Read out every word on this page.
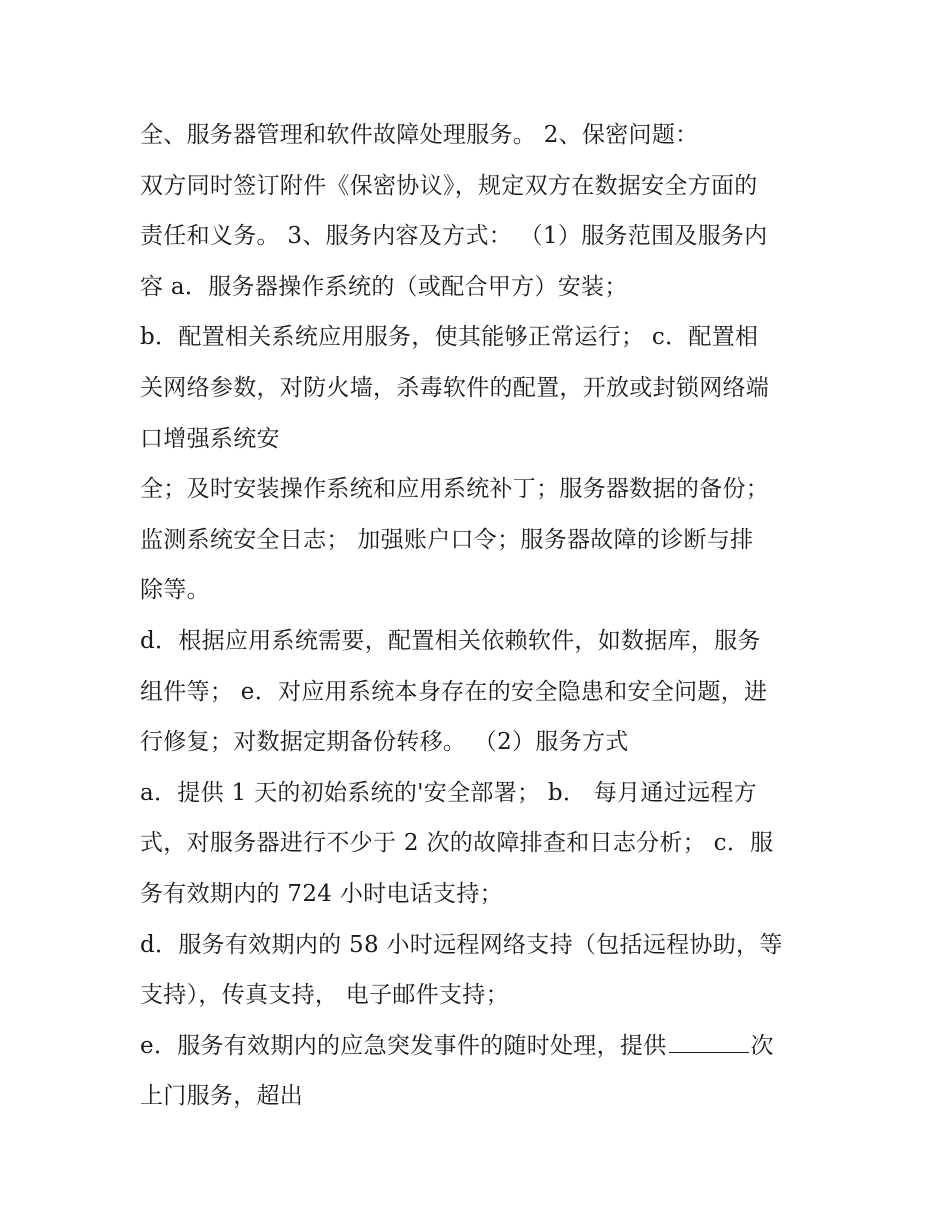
全、服务器管理和软件故障处理服务。 2、保密问题：
双方同时签订附件《保密协议》，规定双方在数据安全方面的
责任和义务。 3、服务内容及方式： （1）服务范围及服务内
容 a．服务器操作系统的（或配合甲方）安装；
b．配置相关系统应用服务，使其能够正常运行； c．配置相
关网络参数，对防火墙，杀毒软件的配置，开放或封锁网络端
口增强系统安
全；及时安装操作系统和应用系统补丁；服务器数据的备份；
监测系统安全日志； 加强账户口令；服务器故障的诊断与排
除等。
d．根据应用系统需要，配置相关依赖软件，如数据库，服务
组件等； e．对应用系统本身存在的安全隐患和安全问题，进
行修复；对数据定期备份转移。 （2）服务方式
a．提供 1 天的初始系统的'安全部署； b． 每月通过远程方
式，对服务器进行不少于 2 次的故障排查和日志分析； c．服
务有效期内的 724 小时电话支持；
d．服务有效期内的 58 小时远程网络支持（包括远程协助，等
支持），传真支持， 电子邮件支持；
e．服务有效期内的应急突发事件的随时处理，提供	次
上门服务，超出
